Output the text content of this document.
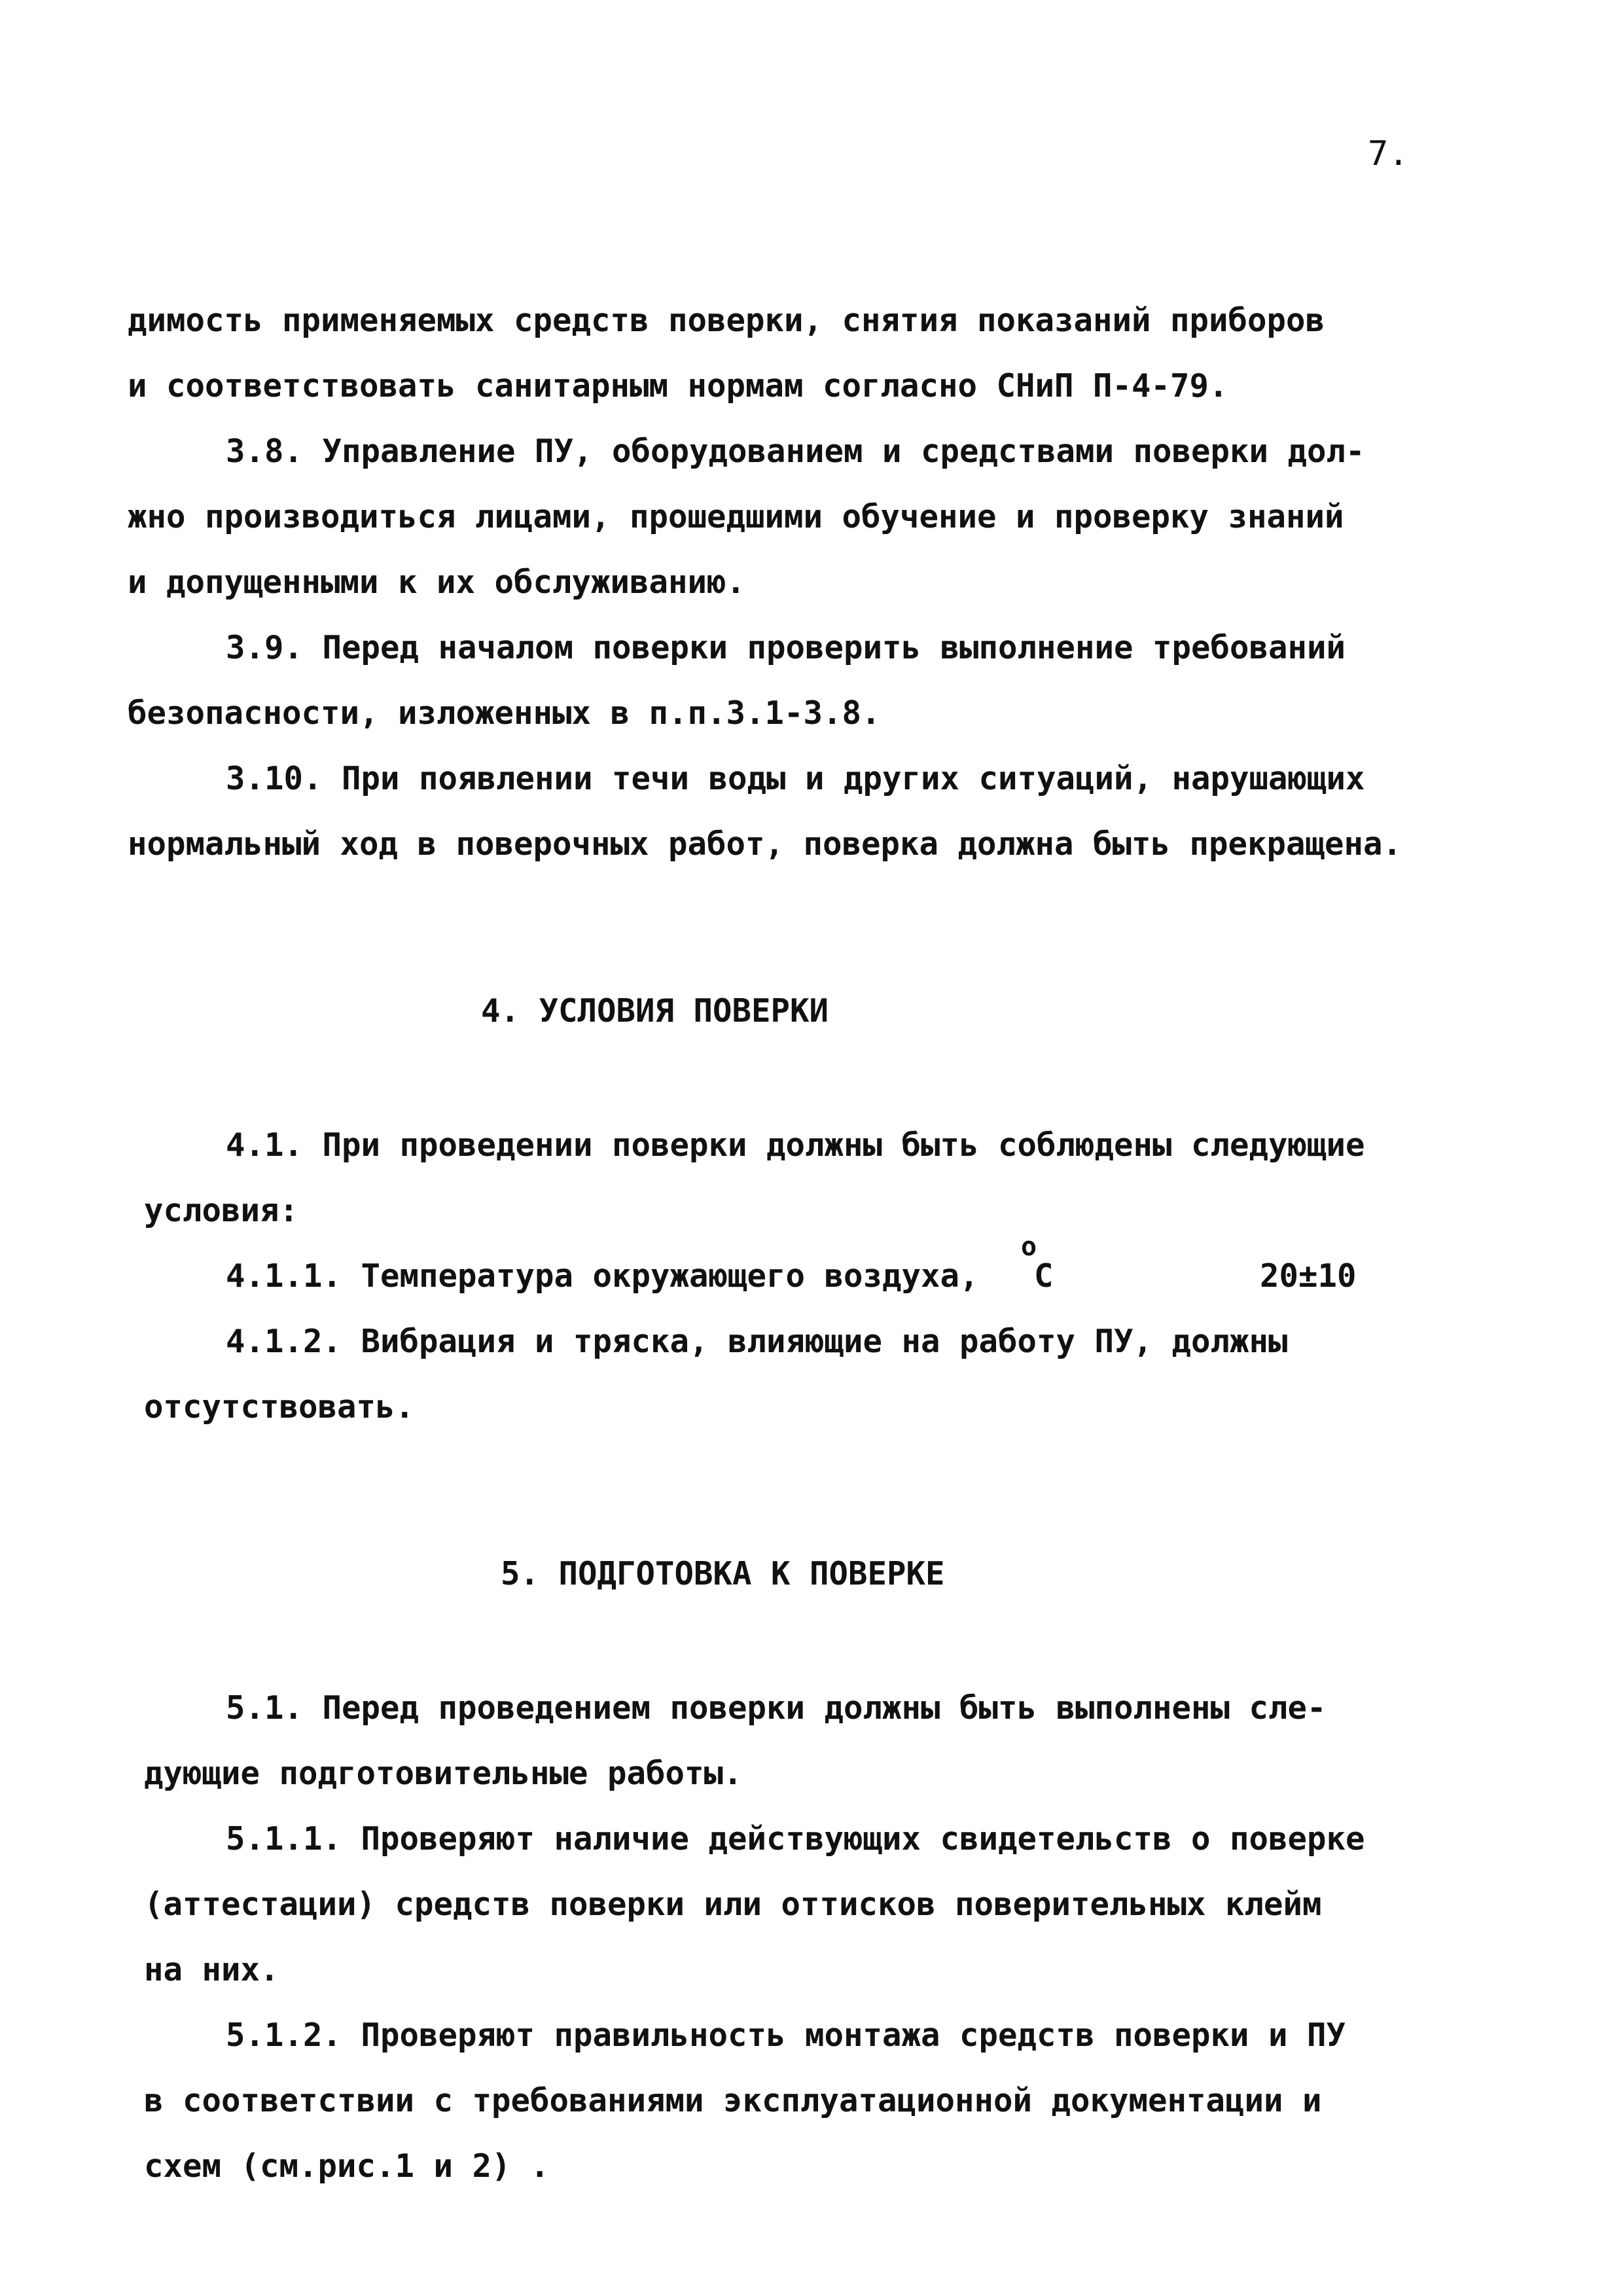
7.
димость применяемых средств поверки, снятия показаний приборов
и соответствовать санитарным нормам согласно СНиП П-4-79.
3.8. Управление ПУ, оборудованием и средствами поверки дол-
жно производиться лицами, прошедшими обучение и проверку знаний
и допущенными к их обслуживанию.
3.9. Перед началом поверки проверить выполнение требований
безопасности, изложенных в п.п.3.1-3.8.
3.10. При появлении течи воды и других ситуаций, нарушающих
нормальный ход в поверочных работ, поверка должна быть прекращена.
4. УСЛОВИЯ ПОВЕРКИ
4.1. При проведении поверки должны быть соблюдены следующие
условия:
4.1.1. Температура окружающего воздуха,
o
С	20±10
4.1.2. Вибрация и тряска, влияющие на работу ПУ, должны
отсутствовать.
5. ПОДГОТОВКА К ПОВЕРКЕ
5.1. Перед проведением поверки должны быть выполнены сле-
дующие подготовительные работы.
5.1.1. Проверяют наличие действующих свидетельств о поверке
(аттестации) средств поверки или оттисков поверительных клейм
на них.
5.1.2. Проверяют правильность монтажа средств поверки и ПУ
в соответствии с требованиями эксплуатационной документации и
схем (см.рис.1 и 2) .
